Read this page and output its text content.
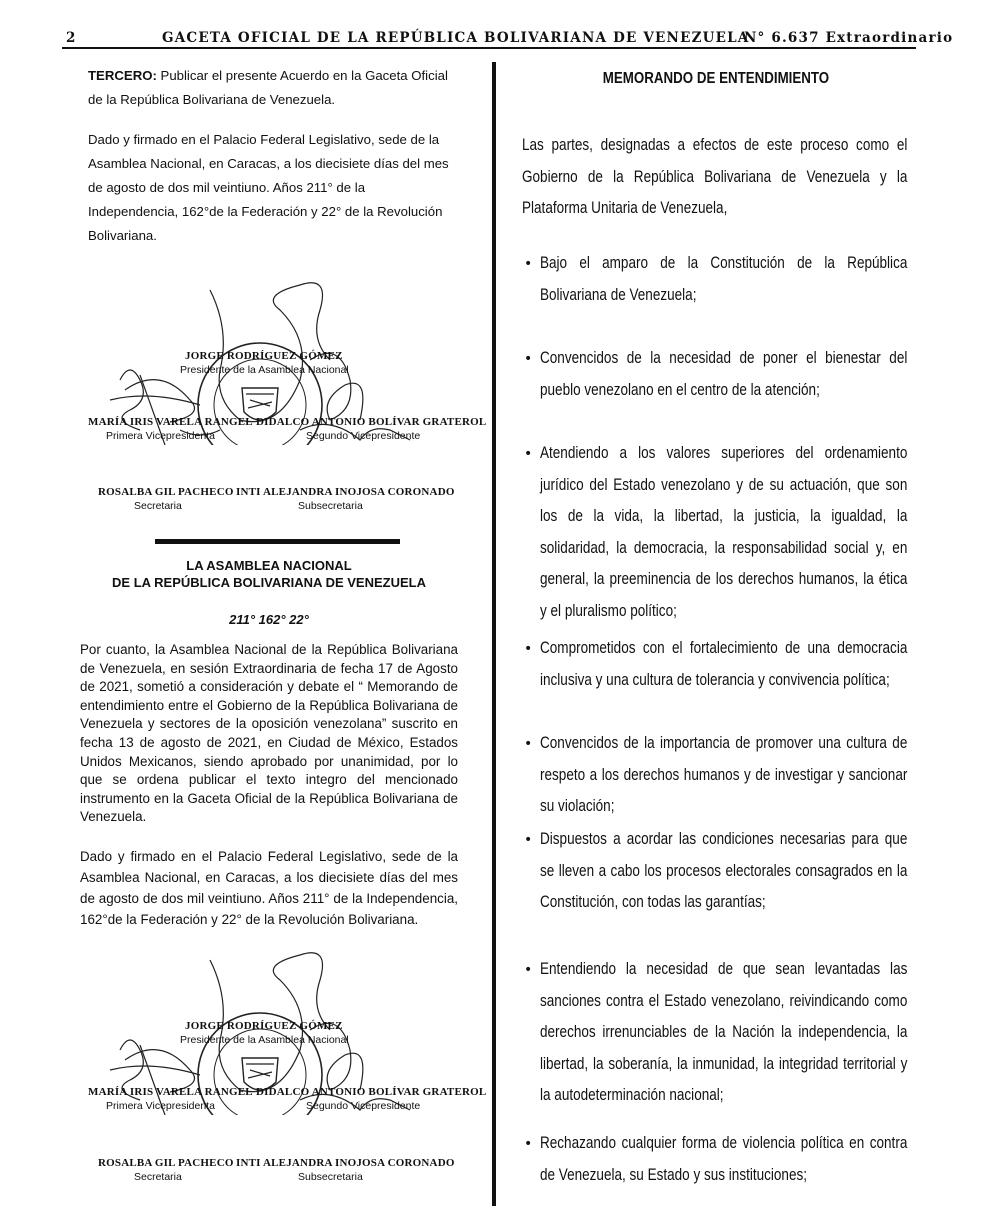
2	GACETA OFICIAL DE LA REPÚBLICA BOLIVARIANA DE VENEZUELA
N° 6.637 Extraordinario
TERCERO: Publicar el presente Acuerdo en la Gaceta Oficial de la República Bolivariana de Venezuela.
Dado y firmado en el Palacio Federal Legislativo, sede de la Asamblea Nacional, en Caracas, a los diecisiete días del mes de agosto de dos mil veintiuno. Años 211° de la Independencia, 162°de la Federación y 22° de la Revolución Bolivariana.
JORGE RODRÍGUEZ GÓMEZ
Presidente de la Asamblea Nacional
MARÍA IRIS VARELA RANGEL
Primera Vicepresidenta
DIDALCO ANTONIO BOLÍVAR GRATEROL
Segundo Vicepresidente
ROSALBA GIL PACHECO
Secretaria
INTI ALEJANDRA INOJOSA CORONADO
Subsecretaria
LA ASAMBLEA NACIONAL
DE LA REPÚBLICA BOLIVARIANA DE VENEZUELA
211° 162° 22°
Por cuanto, la Asamblea Nacional de la República Bolivariana de Venezuela, en sesión Extraordinaria de fecha 17 de Agosto de 2021, sometió a consideración y debate el “ Memorando de entendimiento entre el Gobierno de la República Bolivariana de Venezuela y sectores de la oposición venezolana” suscrito en fecha 13 de agosto de 2021, en Ciudad de México, Estados Unidos Mexicanos, siendo aprobado por unanimidad, por lo que se ordena publicar el texto integro del mencionado instrumento en la Gaceta Oficial de la República Bolivariana de Venezuela.
Dado y firmado en el Palacio Federal Legislativo, sede de la Asamblea Nacional, en Caracas, a los diecisiete días del mes de agosto de dos mil veintiuno. Años 211° de la Independencia, 162°de la Federación y 22° de la Revolución Bolivariana.
JORGE RODRÍGUEZ GÓMEZ
Presidente de la Asamblea Nacional
MARÍA IRIS VARELA RANGEL
Primera Vicepresidenta
DIDALCO ANTONIO BOLÍVAR GRATEROL
Segundo Vicepresidente
ROSALBA GIL PACHECO
Secretaria
INTI ALEJANDRA INOJOSA CORONADO
Subsecretaria
MEMORANDO DE ENTENDIMIENTO
Las partes, designadas a efectos de este proceso como el Gobierno de la República Bolivariana de Venezuela y la Plataforma Unitaria de Venezuela,
• Bajo el amparo de la Constitución de la República Bolivariana de Venezuela;
• Convencidos de la necesidad de poner el bienestar del pueblo venezolano en el centro de la atención;
• Atendiendo a los valores superiores del ordenamiento jurídico del Estado venezolano y de su actuación, que son los de la vida, la libertad, la justicia, la igualdad, la solidaridad, la democracia, la responsabilidad social y, en general, la preeminencia de los derechos humanos, la ética y el pluralismo político;
• Comprometidos con el fortalecimiento de una democracia inclusiva y una cultura de tolerancia y convivencia política;
• Convencidos de la importancia de promover una cultura de respeto a los derechos humanos y de investigar y sancionar su violación;
• Dispuestos a acordar las condiciones necesarias para que se lleven a cabo los procesos electorales consagrados en la Constitución, con todas las garantías;
• Entendiendo la necesidad de que sean levantadas las sanciones contra el Estado venezolano, reivindicando como derechos irrenunciables de la Nación la independencia, la libertad, la soberanía, la inmunidad, la integridad territorial y la autodeterminación nacional;
• Rechazando cualquier forma de violencia política en contra de Venezuela, su Estado y sus instituciones;
